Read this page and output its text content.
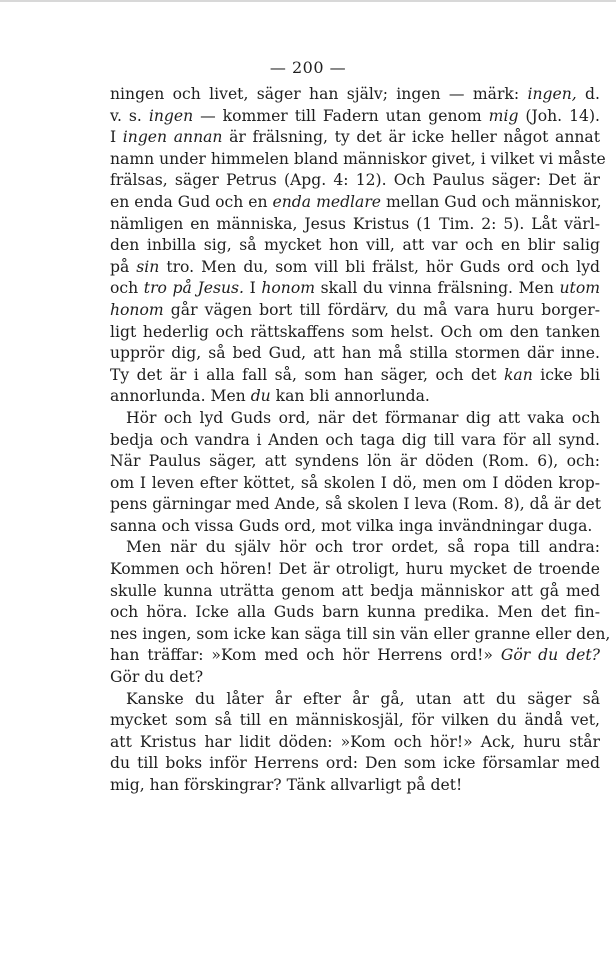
— 200 —
ningen och livet, säger han själv; ingen — märk: ingen, d.
v. s. ingen — kommer till Fadern utan genom mig (Joh. 14).
I ingen annan är frälsning, ty det är icke heller något annat
namn under himmelen bland människor givet, i vilket vi måste
frälsas, säger Petrus (Apg. 4: 12). Och Paulus säger: Det är
en enda Gud och en enda medlare mellan Gud och människor,
nämligen en människa, Jesus Kristus (1 Tim. 2: 5). Låt värl-
den inbilla sig, så mycket hon vill, att var och en blir salig
på sin tro. Men du, som vill bli frälst, hör Guds ord och lyd
och tro på Jesus. I honom skall du vinna frälsning. Men utom
honom går vägen bort till fördärv, du må vara huru borger-
ligt hederlig och rättskaffens som helst. Och om den tanken
upprör dig, så bed Gud, att han må stilla stormen där inne.
Ty det är i alla fall så, som han säger, och det kan icke bli
annorlunda. Men du kan bli annorlunda.
Hör och lyd Guds ord, när det förmanar dig att vaka och
bedja och vandra i Anden och taga dig till vara för all synd.
När Paulus säger, att syndens lön är döden (Rom. 6), och:
om I leven efter köttet, så skolen I dö, men om I döden krop-
pens gärningar med Ande, så skolen I leva (Rom. 8), då är det
sanna och vissa Guds ord, mot vilka inga invändningar duga.
Men när du själv hör och tror ordet, så ropa till andra:
Kommen och hören! Det är otroligt, huru mycket de troende
skulle kunna uträtta genom att bedja människor att gå med
och höra. Icke alla Guds barn kunna predika. Men det fin-
nes ingen, som icke kan säga till sin vän eller granne eller den,
han träffar: »Kom med och hör Herrens ord!» Gör du det?
Gör du det?
Kanske du låter år efter år gå, utan att du säger så
mycket som så till en människosjäl, för vilken du ändå vet,
att Kristus har lidit döden: »Kom och hör!» Ack, huru står
du till boks inför Herrens ord: Den som icke församlar med
mig, han förskingrar? Tänk allvarligt på det!
